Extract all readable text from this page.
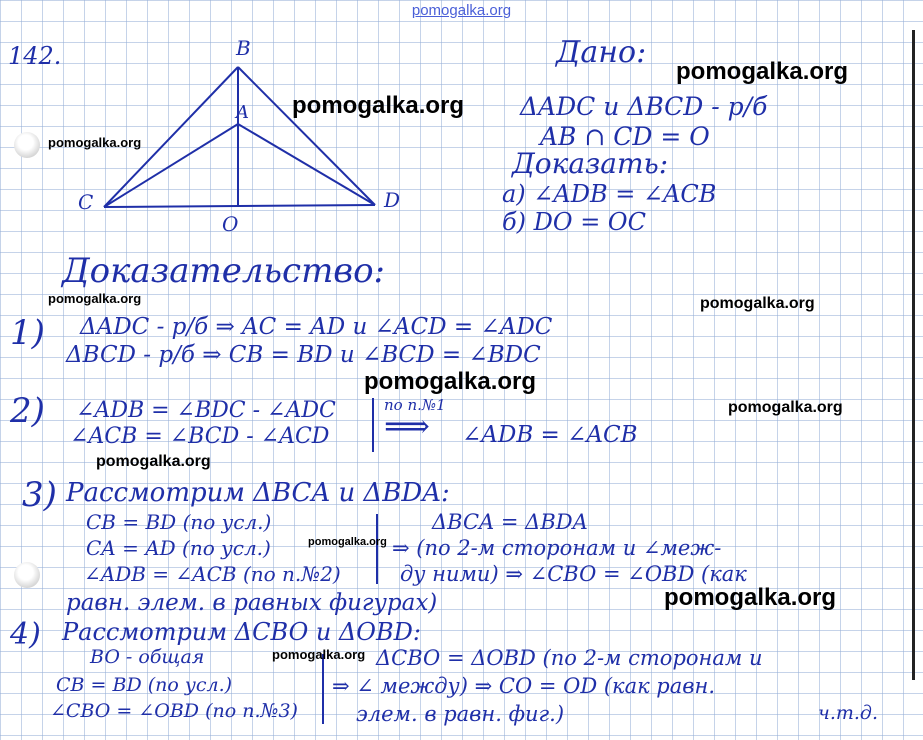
pomogalka.org
142.	B
A
C	D
O
Дано:
ΔADC и ΔBCD - р/б
AB ∩ CD = O
Доказать:
а) ∠ADB = ∠ACB
б) DO = OC
Доказательство:
1) ΔADC - р/б ⇒ AC = AD и ∠ACD = ∠ADC
ΔBCD - р/б ⇒ CB = BD и ∠BCD = ∠BDC
2) ∠ADB = ∠BDC - ∠ADC
∠ACB = ∠BCD - ∠ACD
по п.№1
⟹ ∠ADB = ∠ACB
3) Рассмотрим ΔBCA и ΔBDA:
CB = BD (по усл.)
CA = AD (по усл.)
∠ADB = ∠ACB (по п.№2)
ΔBCA = ΔBDA
⇒ (по 2-м сторонам и ∠меж-
ду ними) ⇒ ∠CBO = ∠OBD (как
равн. элем. в равных фигурах)
4) Рассмотрим ΔCBO и ΔOBD:
BO - общая
CB = BD (по усл.)
∠CBO = ∠OBD (по п.№3)
ΔCBO = ΔOBD (по 2-м сторонам и
⇒ ∠ между) ⇒ CO = OD (как равн.
элем. в равн. фиг.)	ч.т.д.
pomogalka.org
pomogalka.org
pomogalka.org
pomogalka.org	pomogalka.org
pomogalka.org
pomogalka.org
pomogalka.org
pomogalka.org
pomogalka.org
pomogalka.org
